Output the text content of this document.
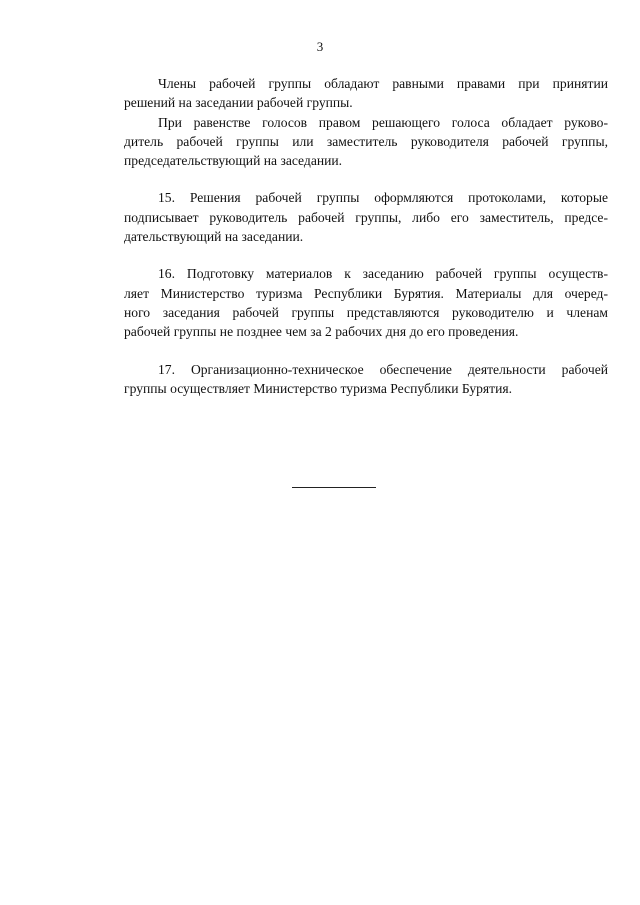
3

Члены рабочей группы обладают равными правами при принятии
решений на заседании рабочей группы.

При равенстве голосов правом решающего голоса обладает руково-
дитель рабочей группы или заместитель руководителя рабочей группы,
председательствующий на заседании.

15. Решения рабочей группы оформляются протоколами, которые
подписывает руководитель рабочей группы, либо его заместитель, предсе-
дательствующий на заседании.

16. Подготовку материалов к заседанию рабочей группы осуществ-
ляет Министерство туризма Республики Бурятия. Материалы для очеред-
ного заседания рабочей группы представляются руководителю и членам
рабочей группы не позднее чем за 2 рабочих дня до его проведения.

17. Организационно-техническое обеспечение деятельности рабочей
группы осуществляет Министерство туризма Республики Бурятия.
